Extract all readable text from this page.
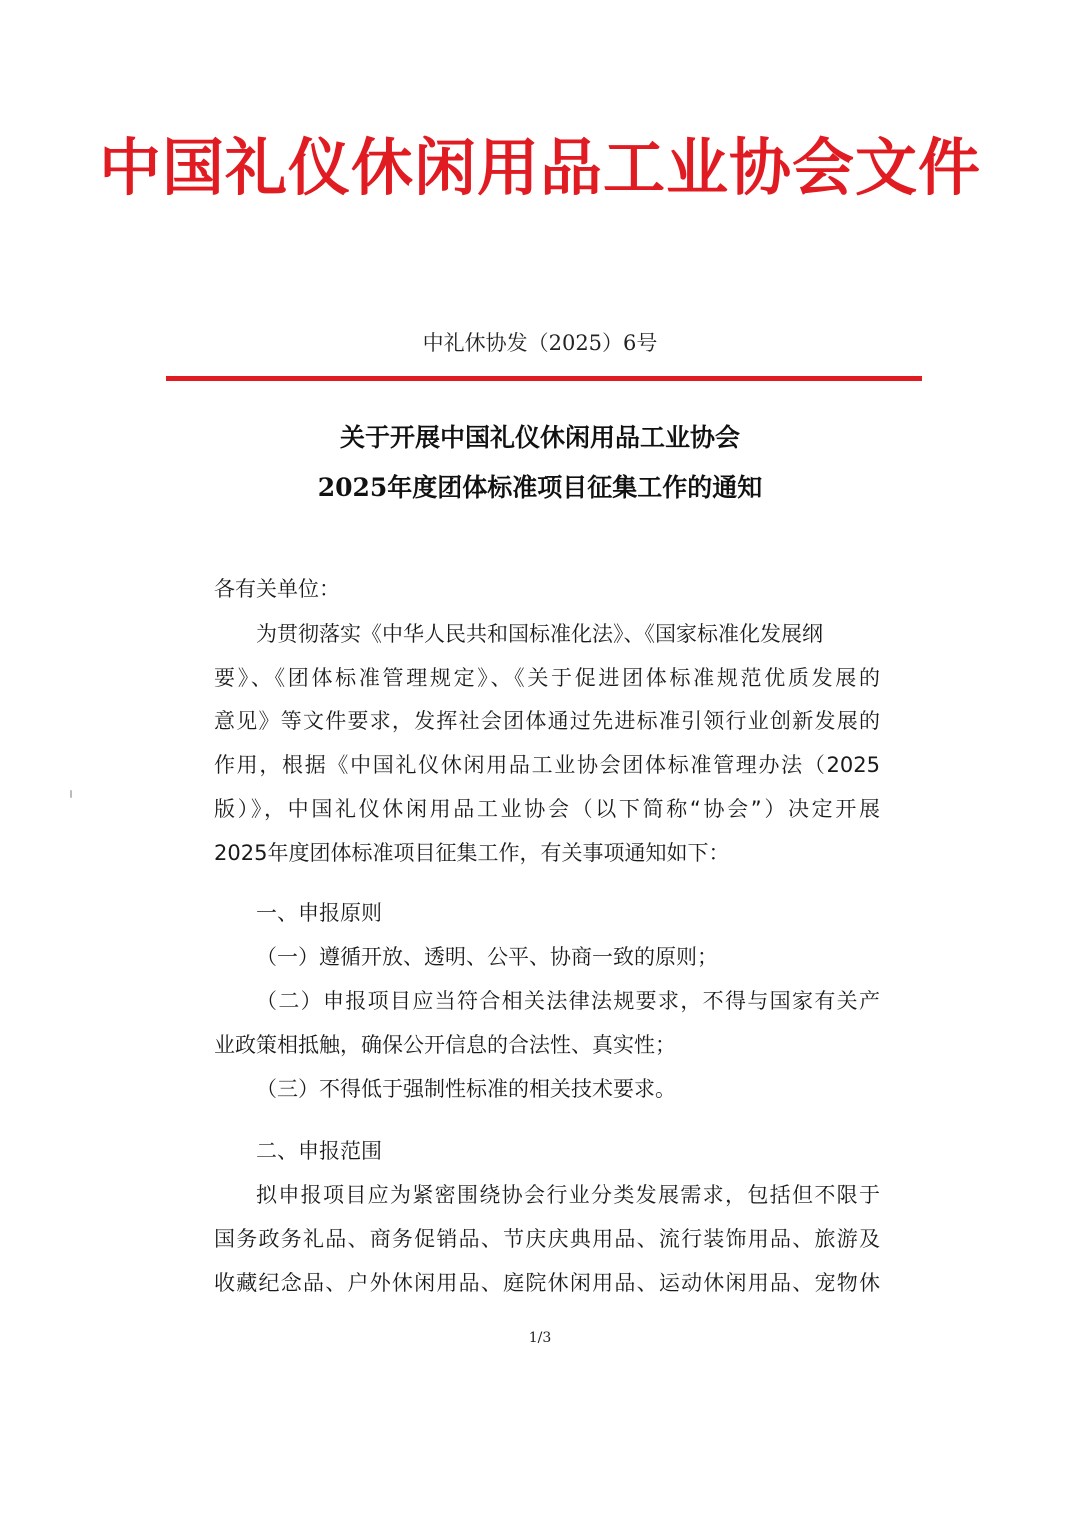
中国礼仪休闲用品工业协会文件
中礼休协发（2025）6号
关于开展中国礼仪休闲用品工业协会
2025年度团体标准项目征集工作的通知
各有关单位：
为贯彻落实《中华人民共和国标准化法》、《国家标准化发展纲
要》、《团体标准管理规定》、《关于促进团体标准规范优质发展的
意见》等文件要求，发挥社会团体通过先进标准引领行业创新发展的
作用，根据《中国礼仪休闲用品工业协会团体标准管理办法（2025
版）》，中国礼仪休闲用品工业协会（以下简称“协会”）决定开展
2025年度团体标准项目征集工作，有关事项通知如下：
一、申报原则
（一）遵循开放、透明、公平、协商一致的原则；
（二）申报项目应当符合相关法律法规要求，不得与国家有关产
业政策相抵触，确保公开信息的合法性、真实性；
（三）不得低于强制性标准的相关技术要求。
二、申报范围
拟申报项目应为紧密围绕协会行业分类发展需求，包括但不限于
国务政务礼品、商务促销品、节庆庆典用品、流行装饰用品、旅游及
收藏纪念品、户外休闲用品、庭院休闲用品、运动休闲用品、宠物休
1/3
